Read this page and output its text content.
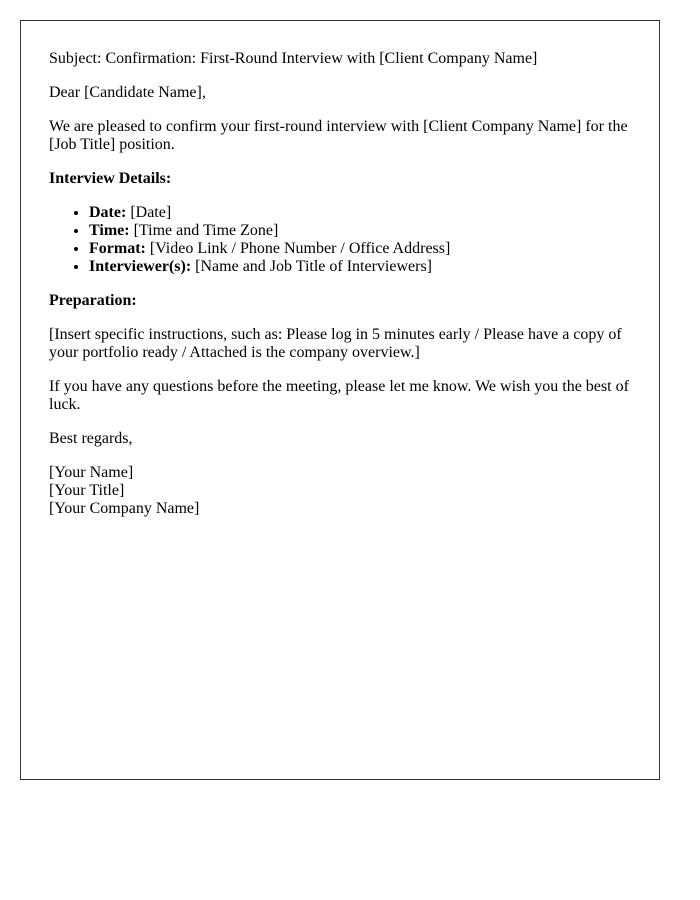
Subject: Confirmation: First-Round Interview with [Client Company Name]

Dear [Candidate Name],

We are pleased to confirm your first-round interview with [Client Company Name] for the [Job Title] position.

Interview Details:

• Date: [Date]
• Time: [Time and Time Zone]
• Format: [Video Link / Phone Number / Office Address]
• Interviewer(s): [Name and Job Title of Interviewers]

Preparation:

[Insert specific instructions, such as: Please log in 5 minutes early / Please have a copy of your portfolio ready / Attached is the company overview.]

If you have any questions before the meeting, please let me know. We wish you the best of luck.

Best regards,

[Your Name]
[Your Title]
[Your Company Name]
